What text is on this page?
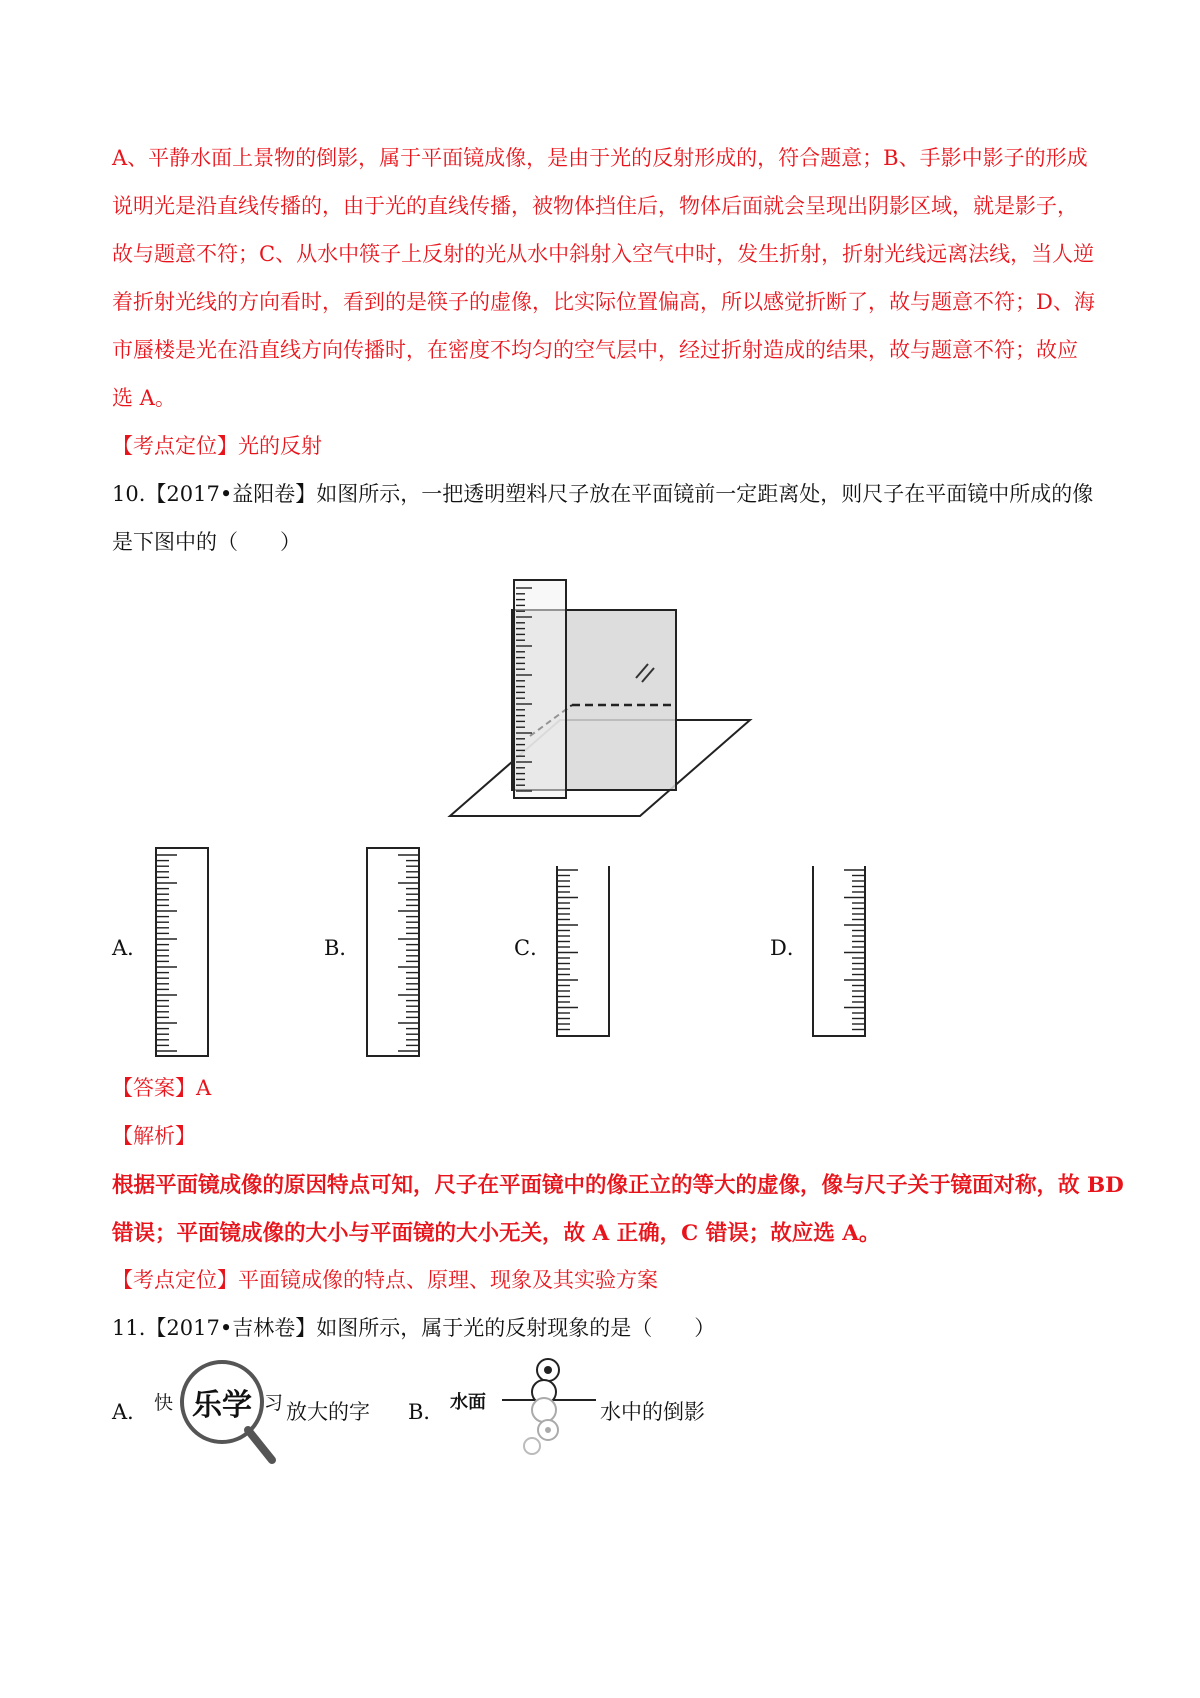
A、平静水面上景物的倒影，属于平面镜成像，是由于光的反射形成的，符合题意；B、手影中影子的形成
说明光是沿直线传播的，由于光的直线传播，被物体挡住后，物体后面就会呈现出阴影区域，就是影子，
故与题意不符；C、从水中筷子上反射的光从水中斜射入空气中时，发生折射，折射光线远离法线，当人逆
着折射光线的方向看时，看到的是筷子的虚像，比实际位置偏高，所以感觉折断了，故与题意不符；D、海
市蜃楼是光在沿直线方向传播时，在密度不均匀的空气层中，经过折射造成的结果，故与题意不符；故应
选 A。
【考点定位】光的反射
10.【2017•益阳卷】如图所示，一把透明塑料尺子放在平面镜前一定距离处，则尺子在平面镜中所成的像
是下图中的（　　）
A．	B．	C．	D．
【答案】A
【解析】
根据平面镜成像的原因特点可知，尺子在平面镜中的像正立的等大的虚像，像与尺子关于镜面对称，故 BD
错误；平面镜成像的大小与平面镜的大小无关，故 A 正确，C 错误；故应选 A。
【考点定位】平面镜成像的特点、原理、现象及其实验方案
11.【2017•吉林卷】如图所示，属于光的反射现象的是（　　）
A． 快 乐学 习 放大的字 B． 水面	水中的倒影
